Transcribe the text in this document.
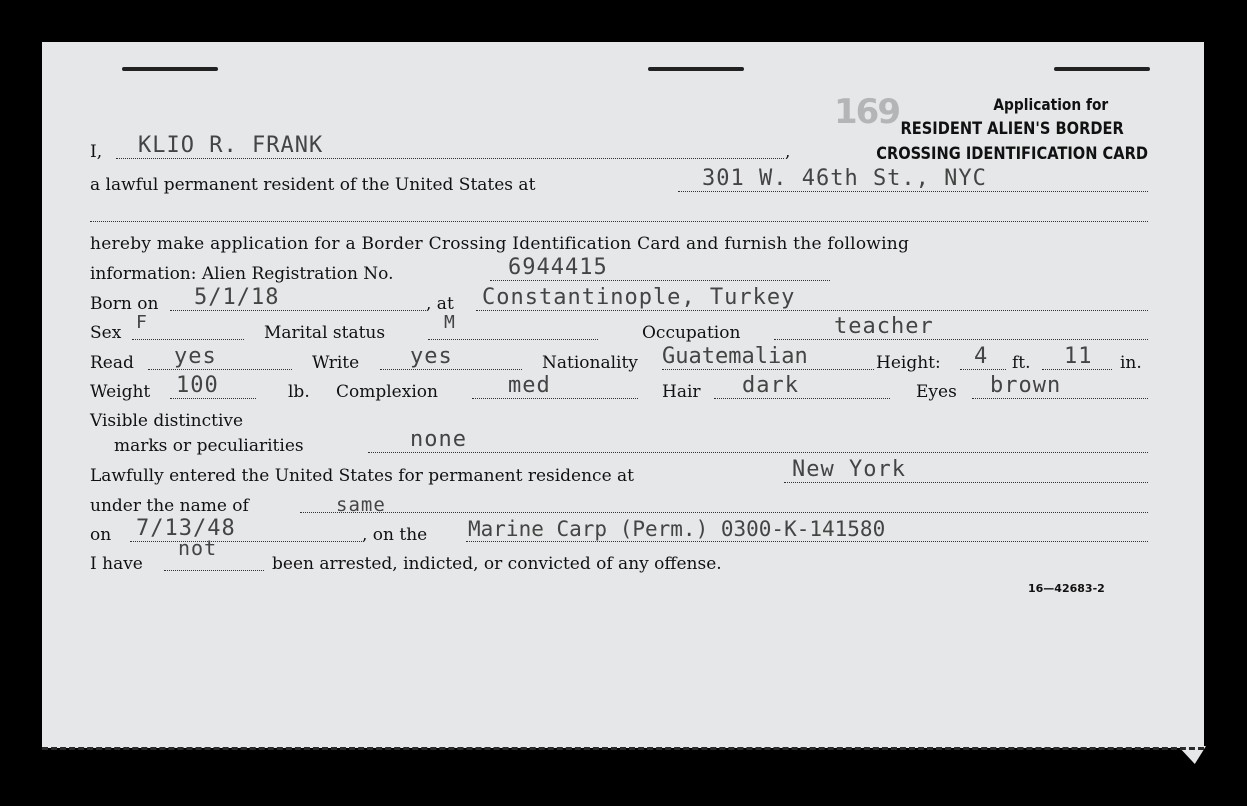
169	Application for
RESIDENT ALIEN'S BORDER
CROSSING IDENTIFICATION CARD
I, KLIO R. FRANK	,
a lawful permanent resident of the United States at	301 W. 46th St., NYC
hereby make application for a Border Crossing Identification Card and furnish the following
information: Alien Registration No.	6944415
Born on 5/1/18	, at Constantinople, Turkey
Sex F	Marital status	M	Occupation	teacher
Read yes	Write yes	Nationality Guatemalian	Height: 4 ft. 11 in.
Weight 100	lb. Complexion	med	Hair dark	Eyes brown
Visible distinctive
marks or peculiarities	none
Lawfully entered the United States for permanent residence at	New York
under the name of	same
on 7/13/48	, on the Marine Carp (Perm.) 0300-K-141580
I have
not
been arrested, indicted, or convicted of any offense.
16—42683-2
